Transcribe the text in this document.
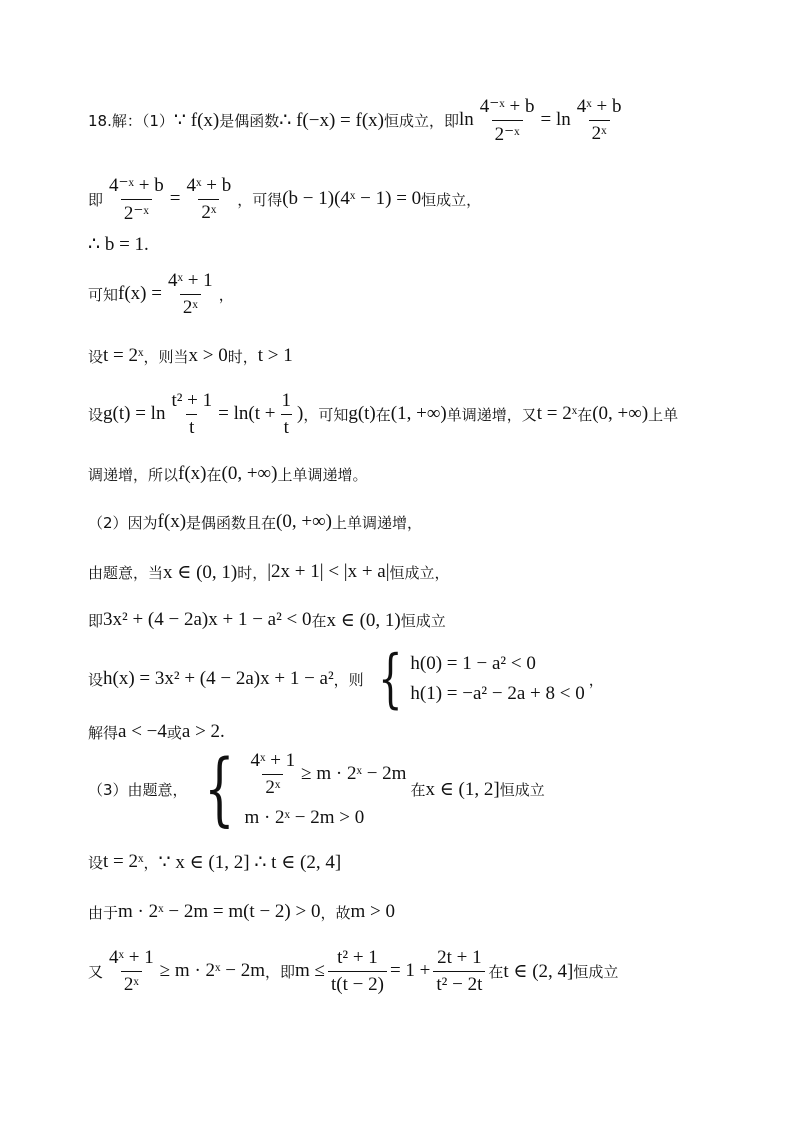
18.解：（1） ∵ f(x) 是偶函数 ∴ f(−x) = f(x) 恒成立，即 $\ln \frac{\text{4⁻ˣ + b}}{\text{2⁻ˣ}} = \ln \frac{\text{4ˣ + b}}{\text{2ˣ}}$
即 $\frac{\text{4⁻ˣ + b}}{\text{2⁻ˣ}} = \frac{\text{4ˣ + b}}{\text{2ˣ}}$ ，可得 (b − 1)(4ˣ − 1) = 0 恒成立，
∴ b = 1.
可知 $f(x) = \frac{\text{4ˣ + 1}}{\text{2ˣ}}$ ，
设 t = 2ˣ ，则当 x > 0 时， t > 1
设 $g(t) = \ln \frac{\text{t² + 1}}{t} = \ln(t + \frac{1}{t}$ ) ，可知 g(t) 在 (1, +∞) 单调递增，又 t = 2ˣ 在 (0, +∞) 上单
调递增，所以 f(x) 在 (0, +∞) 上单调递增。
（2）因为 f(x) 是偶函数且在 (0, +∞) 上单调递增，
由题意，当 x ∈ (0, 1) 时， |2x + 1| < |x + a| 恒成立，
即 3x² + (4 − 2a)x + 1 − a² < 0 在 x ∈ (0, 1) 恒成立
设 h(x) = 3x² + (4 − 2a)x + 1 − a² ，则 { h(0) = 1 − a² < 0
h(1) = −a² − 2a + 8 < 0
，
解得 a < −4 或 a > 2.
（3）由题意， { $\frac{\text{4ˣ + 1}}{\text{2ˣ}} \ge m$ · 2ˣ − 2m
m · 2ˣ − 2m > 0
在 x ∈ (1, 2] 恒成立
设 t = 2ˣ ， ∵ x ∈ (1, 2] ∴ t ∈ (2, 4]
由于 m · 2ˣ − 2m = m(t − 2) > 0 ，故 m > 0
又 $\frac{\text{4ˣ + 1}}{\text{2ˣ}} \ge m$ · 2ˣ − 2m ，即 $m \le \frac{\text{t² + 1}}{t(t - 2)} = 1 + \frac{2t + 1}{\text{t² − 2t}}$ 在 t ∈ (2, 4] 恒成立
